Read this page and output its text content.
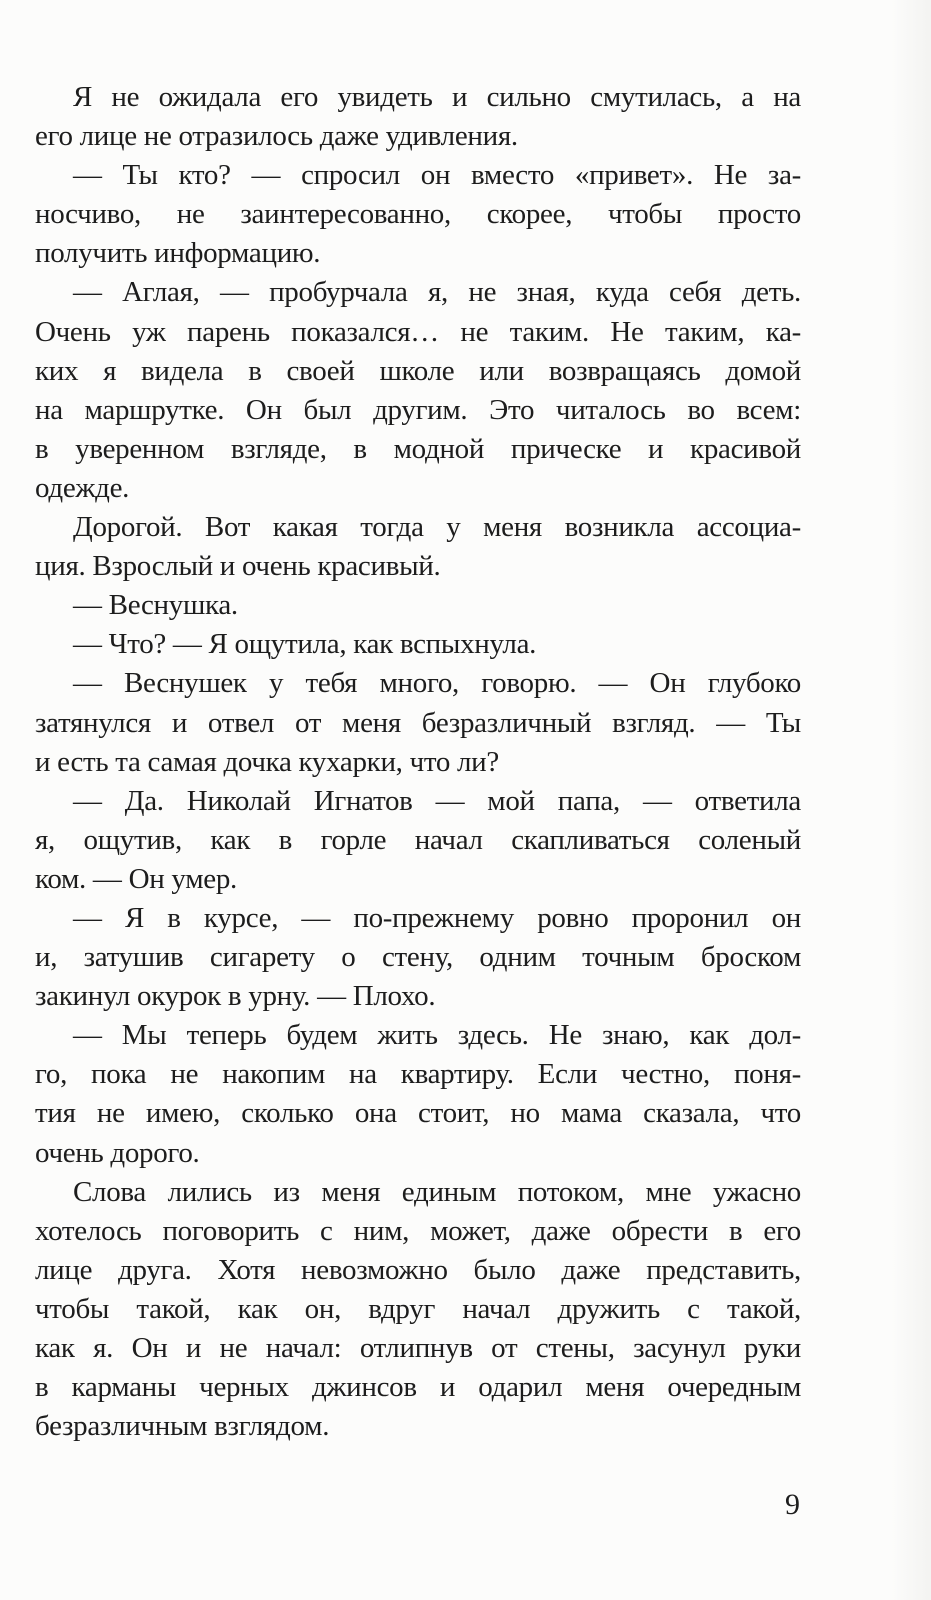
Я не ожидала его увидеть и сильно смутилась, а на
его лице не отразилось даже удивления.
— Ты кто? — спросил он вместо «привет». Не за-
носчиво, не заинтересованно, скорее, чтобы просто
получить информацию.
— Аглая, — пробурчала я, не зная, куда себя деть.
Очень уж парень показался… не таким. Не таким, ка-
ких я видела в своей школе или возвращаясь домой
на маршрутке. Он был другим. Это читалось во всем:
в уверенном взгляде, в модной прическе и красивой
одежде.
Дорогой. Вот какая тогда у меня возникла ассоциа-
ция. Взрослый и очень красивый.
— Веснушка.
— Что? — Я ощутила, как вспыхнула.
— Веснушек у тебя много, говорю. — Он глубоко
затянулся и отвел от меня безразличный взгляд. — Ты
и есть та самая дочка кухарки, что ли?
— Да. Николай Игнатов — мой папа, — ответила
я, ощутив, как в горле начал скапливаться соленый
ком. — Он умер.
— Я в курсе, — по-прежнему ровно проронил он
и, затушив сигарету о стену, одним точным броском
закинул окурок в урну. — Плохо.
— Мы теперь будем жить здесь. Не знаю, как дол-
го, пока не накопим на квартиру. Если честно, поня-
тия не имею, сколько она стоит, но мама сказала, что
очень дорого.
Слова лились из меня единым потоком, мне ужасно
хотелось поговорить с ним, может, даже обрести в его
лице друга. Хотя невозможно было даже представить,
чтобы такой, как он, вдруг начал дружить с такой,
как я. Он и не начал: отлипнув от стены, засунул руки
в карманы черных джинсов и одарил меня очередным
безразличным взглядом.
9
